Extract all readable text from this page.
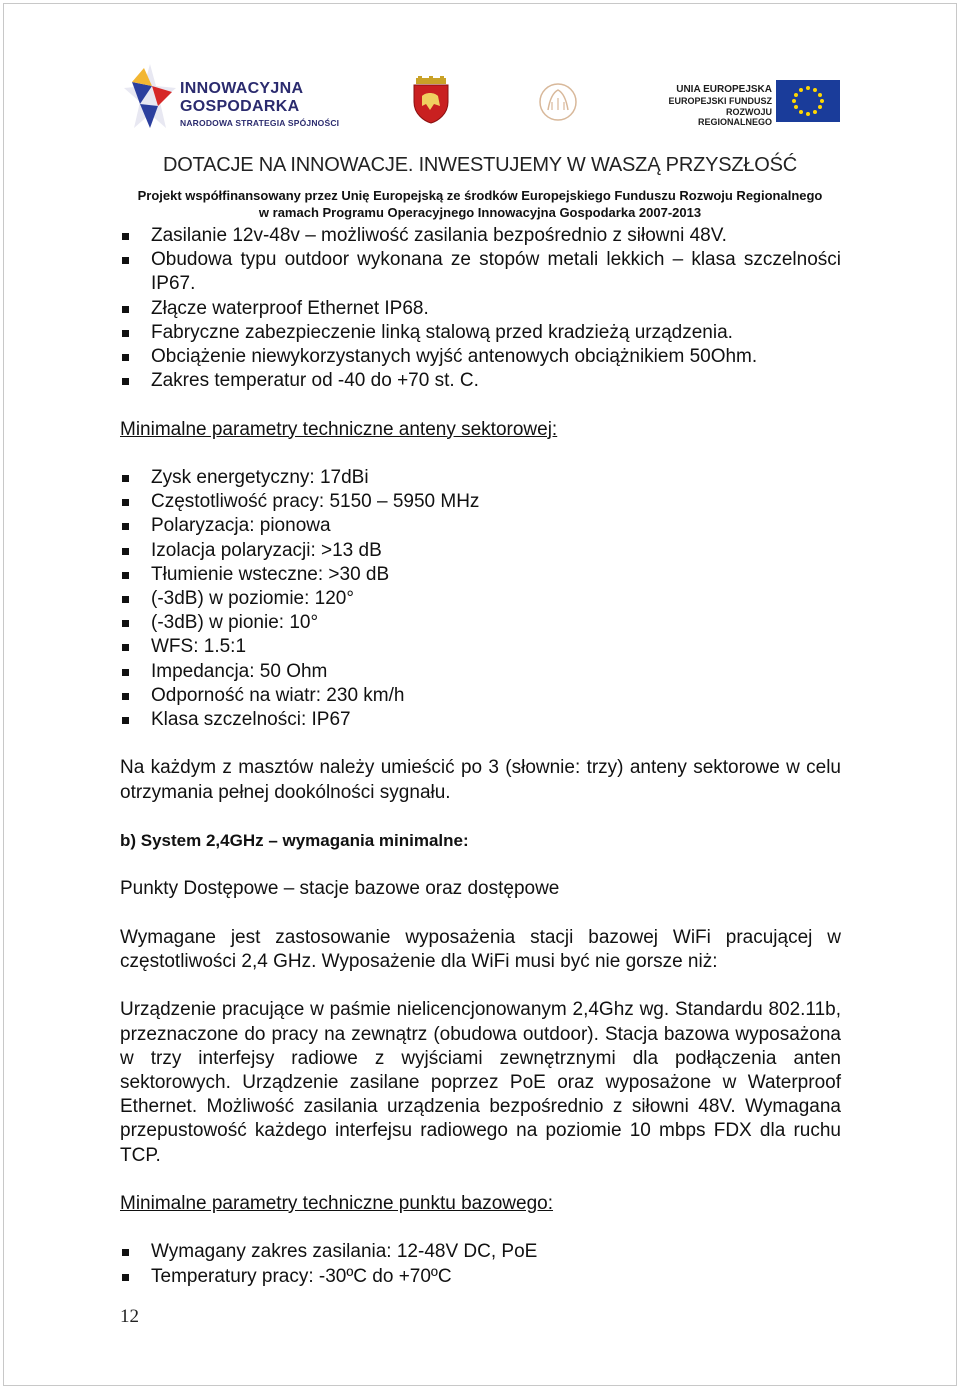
INNOWACYJNA
GOSPODARKA
NARODOWA STRATEGIA SPÓJNOŚCI
UNIA EUROPEJSKA
EUROPEJSKI FUNDUSZ
ROZWOJU REGIONALNEGO
DOTACJE NA INNOWACJE. INWESTUJEMY W WASZĄ PRZYSZŁOŚĆ
Projekt współfinansowany przez Unię Europejską ze środków Europejskiego Funduszu Rozwoju Regionalnego
w ramach Programu Operacyjnego Innowacyjna Gospodarka 2007-2013
Zasilanie 12v-48v – możliwość zasilania bezpośrednio z siłowni 48V.
Obudowa typu outdoor wykonana ze stopów metali lekkich – klasa szczelności IP67.
Złącze waterproof Ethernet IP68.
Fabryczne zabezpieczenie linką stalową przed kradzieżą urządzenia.
Obciążenie niewykorzystanych wyjść antenowych obciążnikiem 50Ohm.
Zakres temperatur od -40 do +70 st. C.

Minimalne parametry techniczne anteny sektorowej:

Zysk energetyczny: 17dBi
Częstotliwość pracy: 5150 – 5950 MHz
Polaryzacja: pionowa
Izolacja polaryzacji: >13 dB
Tłumienie wsteczne: >30 dB
(-3dB) w poziomie: 120°
(-3dB) w pionie: 10°
WFS: 1.5:1
Impedancja: 50 Ohm
Odporność na wiatr: 230 km/h
Klasa szczelności: IP67

Na każdym z masztów należy umieścić po 3 (słownie: trzy) anteny sektorowe w celu otrzymania pełnej dookólności sygnału.

b) System 2,4GHz – wymagania minimalne:

Punkty Dostępowe – stacje bazowe oraz dostępowe

Wymagane jest zastosowanie wyposażenia stacji bazowej WiFi pracującej w częstotliwości 2,4 GHz. Wyposażenie dla WiFi musi być nie gorsze niż:

Urządzenie pracujące w paśmie nielicencjonowanym 2,4Ghz wg. Standardu 802.11b, przeznaczone do pracy na zewnątrz (obudowa outdoor). Stacja bazowa wyposażona w trzy interfejsy radiowe z wyjściami zewnętrznymi dla podłączenia anten sektorowych. Urządzenie zasilane poprzez PoE oraz wyposażone w Waterproof Ethernet. Możliwość zasilania urządzenia bezpośrednio z siłowni 48V. Wymagana przepustowość każdego interfejsu radiowego na poziomie 10 mbps FDX dla ruchu TCP.

Minimalne parametry techniczne punktu bazowego:

Wymagany zakres zasilania: 12-48V DC, PoE
Temperatury pracy: -30ºC do +70ºC
12
